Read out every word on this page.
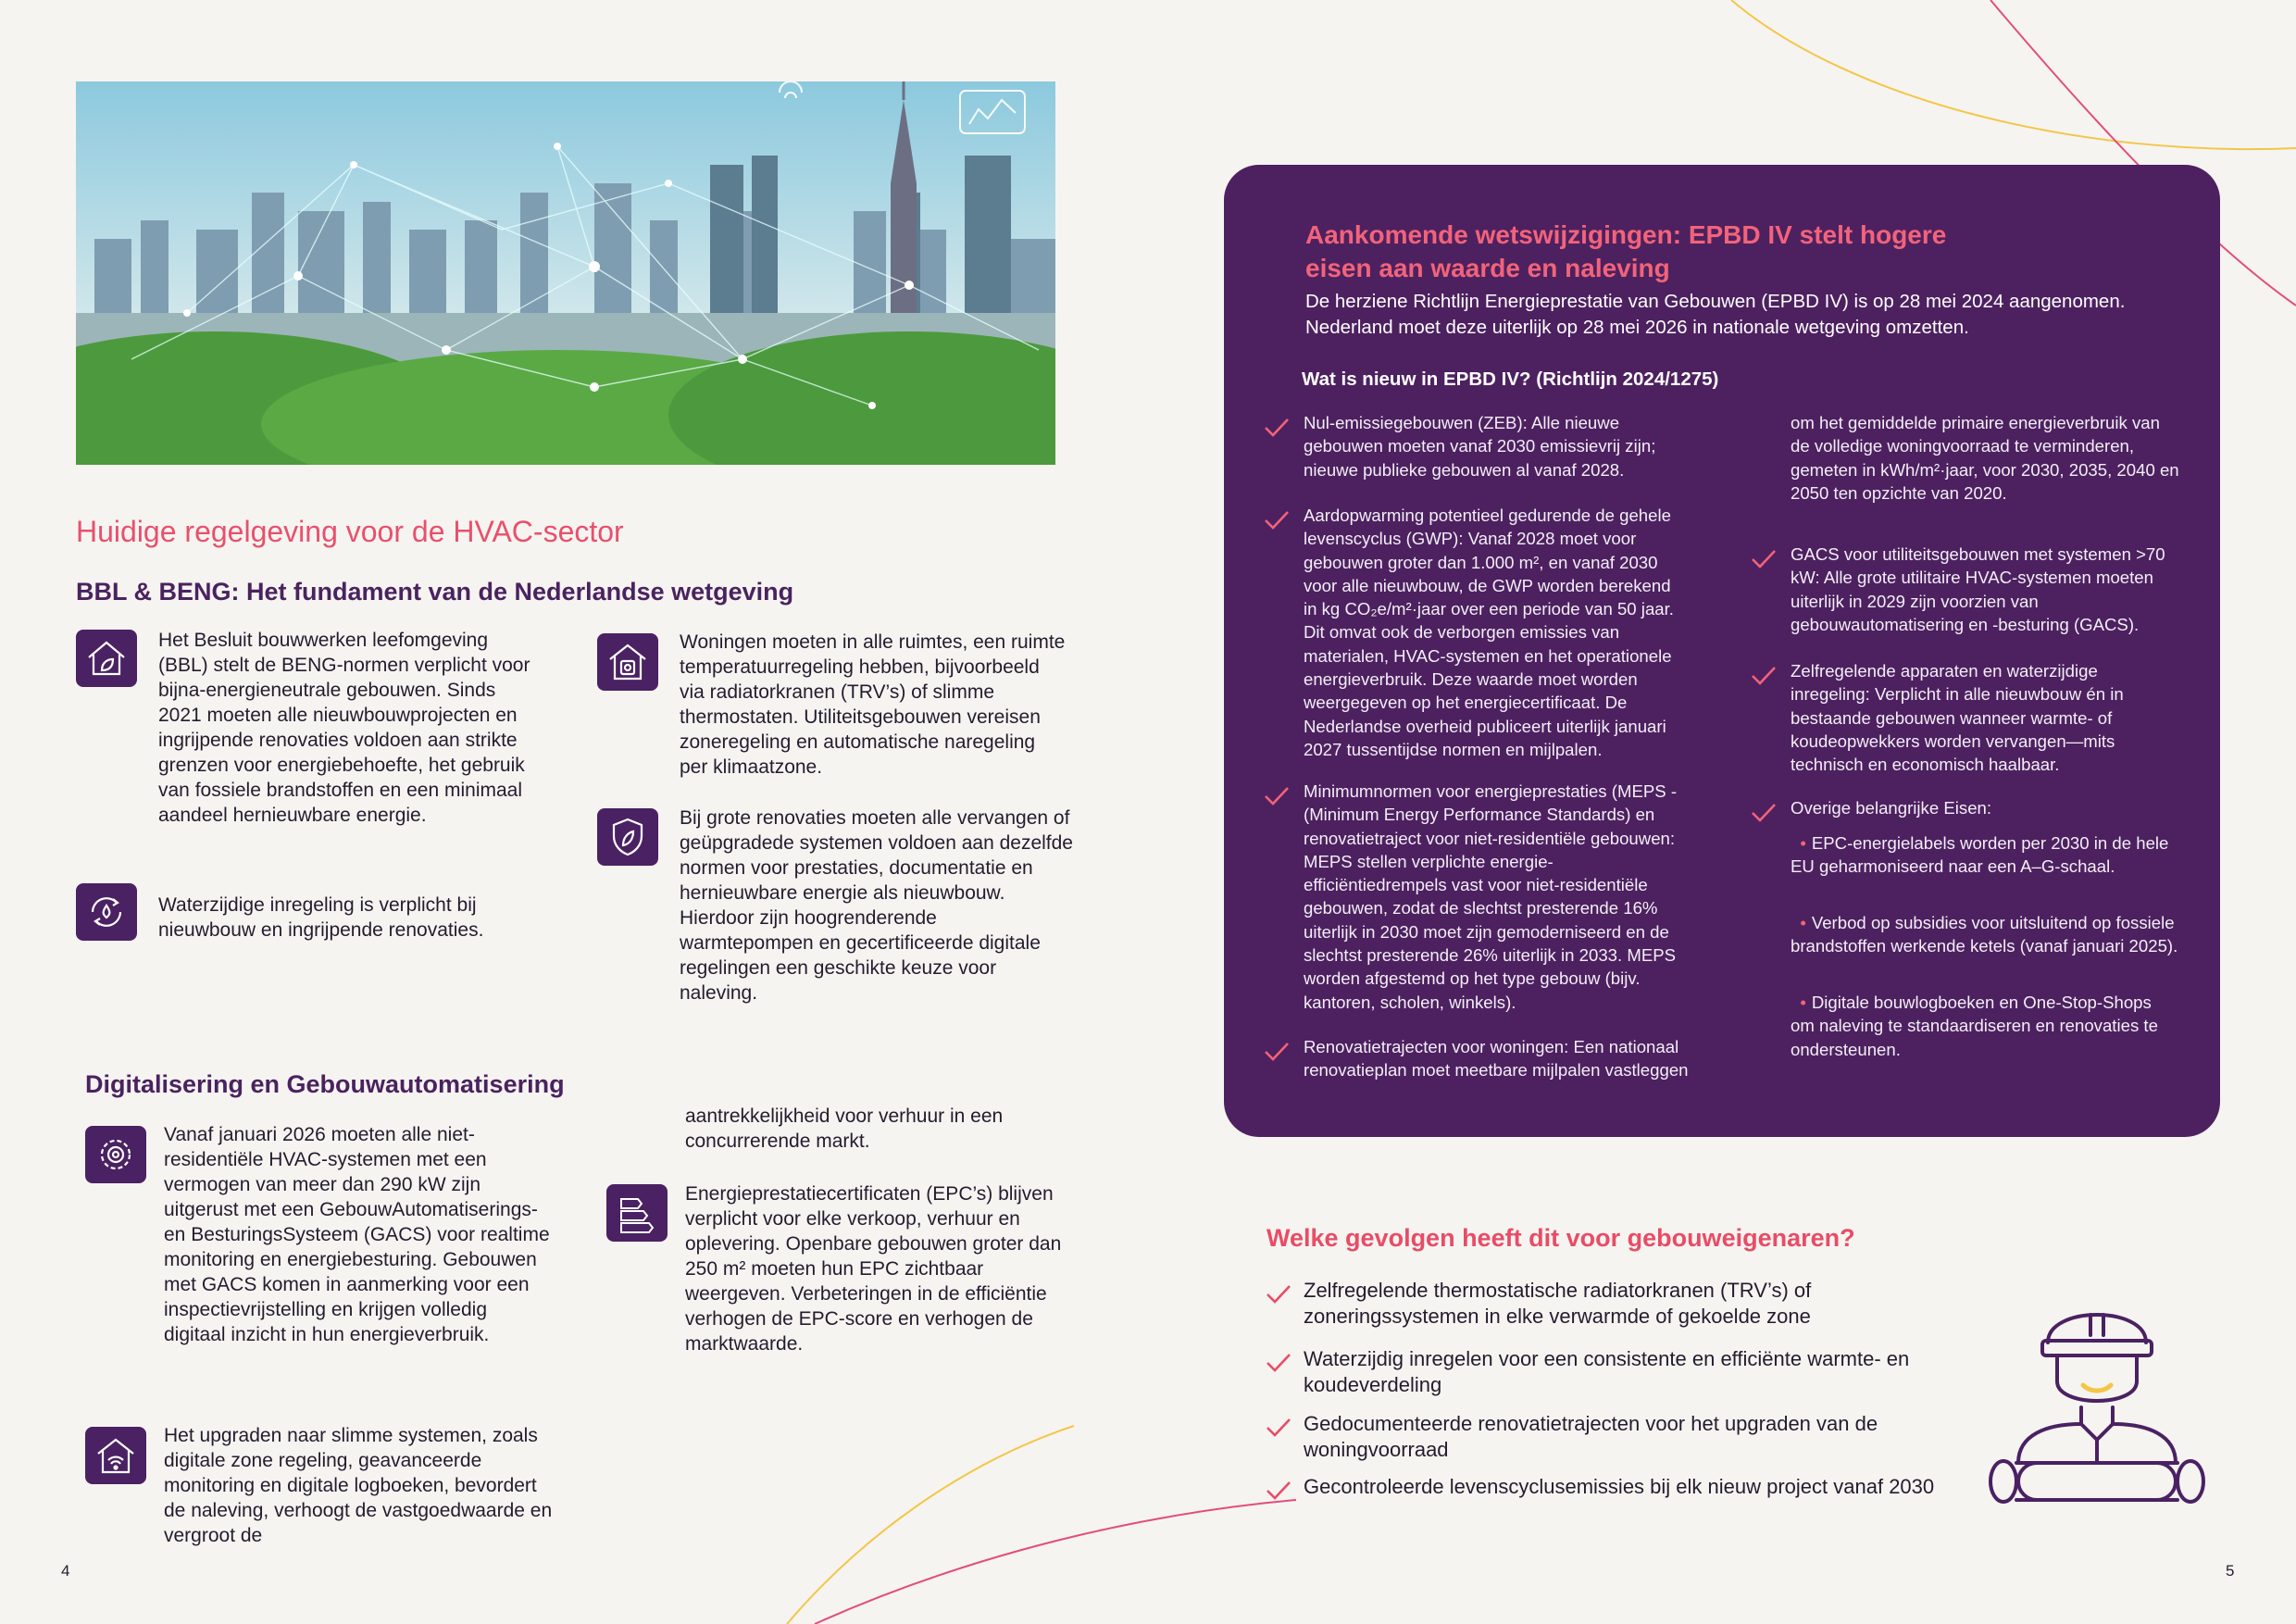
Huidige regelgeving voor de HVAC-sector
BBL & BENG: Het fundament van de Nederlandse wetgeving

Het Besluit bouwwerken leefomgeving (BBL) stelt de BENG-normen verplicht voor bijna-energieneutrale gebouwen. Sinds 2021 moeten alle nieuwbouwprojecten en ingrijpende renovaties voldoen aan strikte grenzen voor energiebehoefte, het gebruik van fossiele brandstoffen en een minimaal aandeel hernieuwbare energie.

Waterzijdige inregeling is verplicht bij nieuwbouw en ingrijpende renovaties.

Woningen moeten in alle ruimtes, een ruimte temperatuurregeling hebben, bijvoorbeeld via radiatorkranen (TRV’s) of slimme thermostaten. Utiliteitsgebouwen vereisen zoneregeling en automatische naregeling per klimaatzone.

Bij grote renovaties moeten alle vervangen of geüpgradede systemen voldoen aan dezelfde normen voor prestaties, documentatie en hernieuwbare energie als nieuwbouw. Hierdoor zijn hoogrenderende warmtepompen en gecertificeerde digitale regelingen een geschikte keuze voor naleving.

Digitalisering en Gebouwautomatisering

Vanaf januari 2026 moeten alle niet-residentiële HVAC-systemen met een vermogen van meer dan 290 kW zijn uitgerust met een GebouwAutomatiserings- en BesturingsSysteem (GACS) voor realtime monitoring en energiebesturing. Gebouwen met GACS komen in aanmerking voor een inspectievrijstelling en krijgen volledig digitaal inzicht in hun energieverbruik.

Het upgraden naar slimme systemen, zoals digitale zone regeling, geavanceerde monitoring en digitale logboeken, bevordert de naleving, verhoogt de vastgoedwaarde en vergroot de

aantrekkelijkheid voor verhuur in een concurrerende markt.

Energieprestatiecertificaten (EPC’s) blijven verplicht voor elke verkoop, verhuur en oplevering. Openbare gebouwen groter dan 250 m² moeten hun EPC zichtbaar weergeven. Verbeteringen in de efficiëntie verhogen de EPC-score en verhogen de marktwaarde.

4
Aankomende wetswijzigingen: EPBD IV stelt hogere eisen aan waarde en naleving

De herziene Richtlijn Energieprestatie van Gebouwen (EPBD IV) is op 28 mei 2024 aangenomen. Nederland moet deze uiterlijk op 28 mei 2026 in nationale wetgeving omzetten.

Wat is nieuw in EPBD IV? (Richtlijn 2024/1275)

Nul-emissiegebouwen (ZEB): Alle nieuwe gebouwen moeten vanaf 2030 emissievrij zijn; nieuwe publieke gebouwen al vanaf 2028.

Aardopwarming potentieel gedurende de gehele levenscyclus (GWP): Vanaf 2028 moet voor gebouwen groter dan 1.000 m², en vanaf 2030 voor alle nieuwbouw, de GWP worden berekend in kg CO₂e/m²·jaar over een periode van 50 jaar. Dit omvat ook de verborgen emissies van materialen, HVAC-systemen en het operationele energieverbruik. Deze waarde moet worden weergegeven op het energiecertificaat. De Nederlandse overheid publiceert uiterlijk januari 2027 tussentijdse normen en mijlpalen.

Minimumnormen voor energieprestaties (MEPS - (Minimum Energy Performance Standards) en renovatietraject voor niet-residentiële gebouwen: MEPS stellen verplichte energie-efficiëntiedrempels vast voor niet-residentiële gebouwen, zodat de slechtst presterende 16% uiterlijk in 2030 moet zijn gemoderniseerd en de slechtst presterende 26% uiterlijk in 2033. MEPS worden afgestemd op het type gebouw (bijv. kantoren, scholen, winkels).

Renovatietrajecten voor woningen: Een nationaal renovatieplan moet meetbare mijlpalen vastleggen

om het gemiddelde primaire energieverbruik van de volledige woningvoorraad te verminderen, gemeten in kWh/m²·jaar, voor 2030, 2035, 2040 en 2050 ten opzichte van 2020.

GACS voor utiliteitsgebouwen met systemen >70 kW: Alle grote utilitaire HVAC-systemen moeten uiterlijk in 2029 zijn voorzien van gebouwautomatisering en -besturing (GACS).

Zelfregelende apparaten en waterzijdige inregeling: Verplicht in alle nieuwbouw én in bestaande gebouwen wanneer warmte- of koudeopwekkers worden vervangen—mits technisch en economisch haalbaar.

Overige belangrijke Eisen:

• EPC-energielabels worden per 2030 in de hele EU geharmoniseerd naar een A–G-schaal.

• Verbod op subsidies voor uitsluitend op fossiele brandstoffen werkende ketels (vanaf januari 2025).

• Digitale bouwlogboeken en One-Stop-Shops om naleving te standaardiseren en renovaties te ondersteunen.

Welke gevolgen heeft dit voor gebouweigenaren?

Zelfregelende thermostatische radiatorkranen (TRV’s) of zoneringssystemen in elke verwarmde of gekoelde zone

Waterzijdig inregelen voor een consistente en efficiënte warmte- en koudeverdeling

Gedocumenteerde renovatietrajecten voor het upgraden van de woningvoorraad

Gecontroleerde levenscyclusemissies bij elk nieuw project vanaf 2030

5
